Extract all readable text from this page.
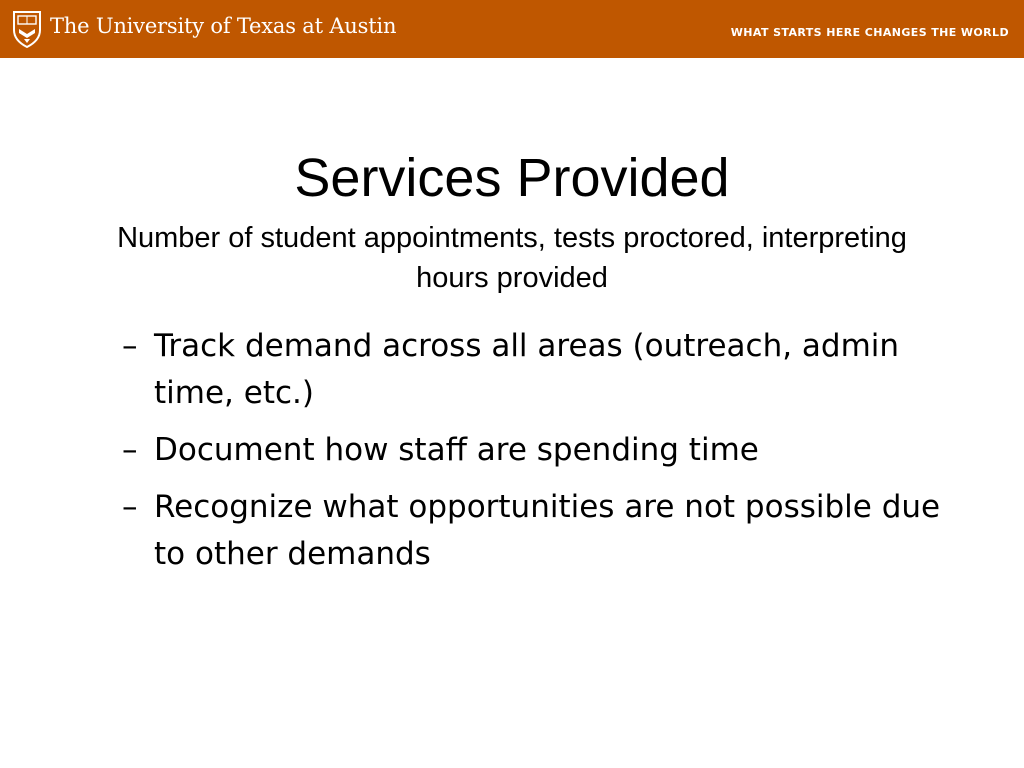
The University of Texas at Austin	WHAT STARTS HERE CHANGES THE WORLD
Services Provided
Number of student appointments, tests proctored, interpreting hours provided
– Track demand across all areas (outreach, admin time, etc.)
– Document how staff are spending time
– Recognize what opportunities are not possible due to other demands
